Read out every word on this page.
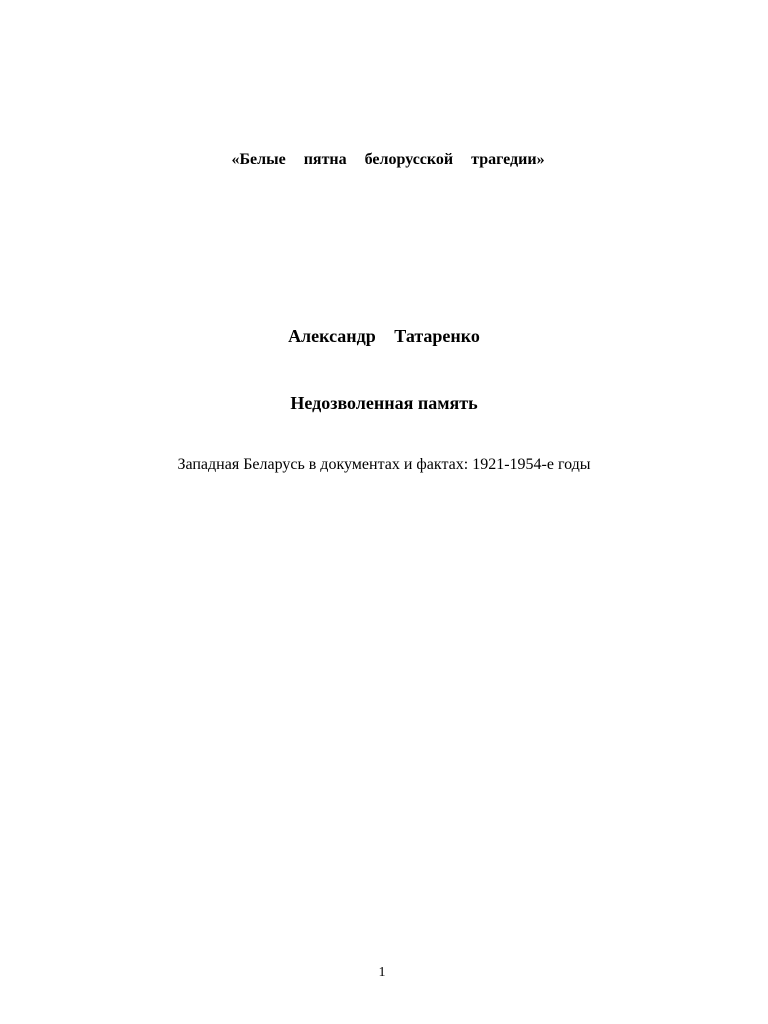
«Белые пятна белорусской трагедии»
Александр Татаренко
Недозволенная память
Западная Беларусь в документах и фактах: 1921-1954-е годы
1
